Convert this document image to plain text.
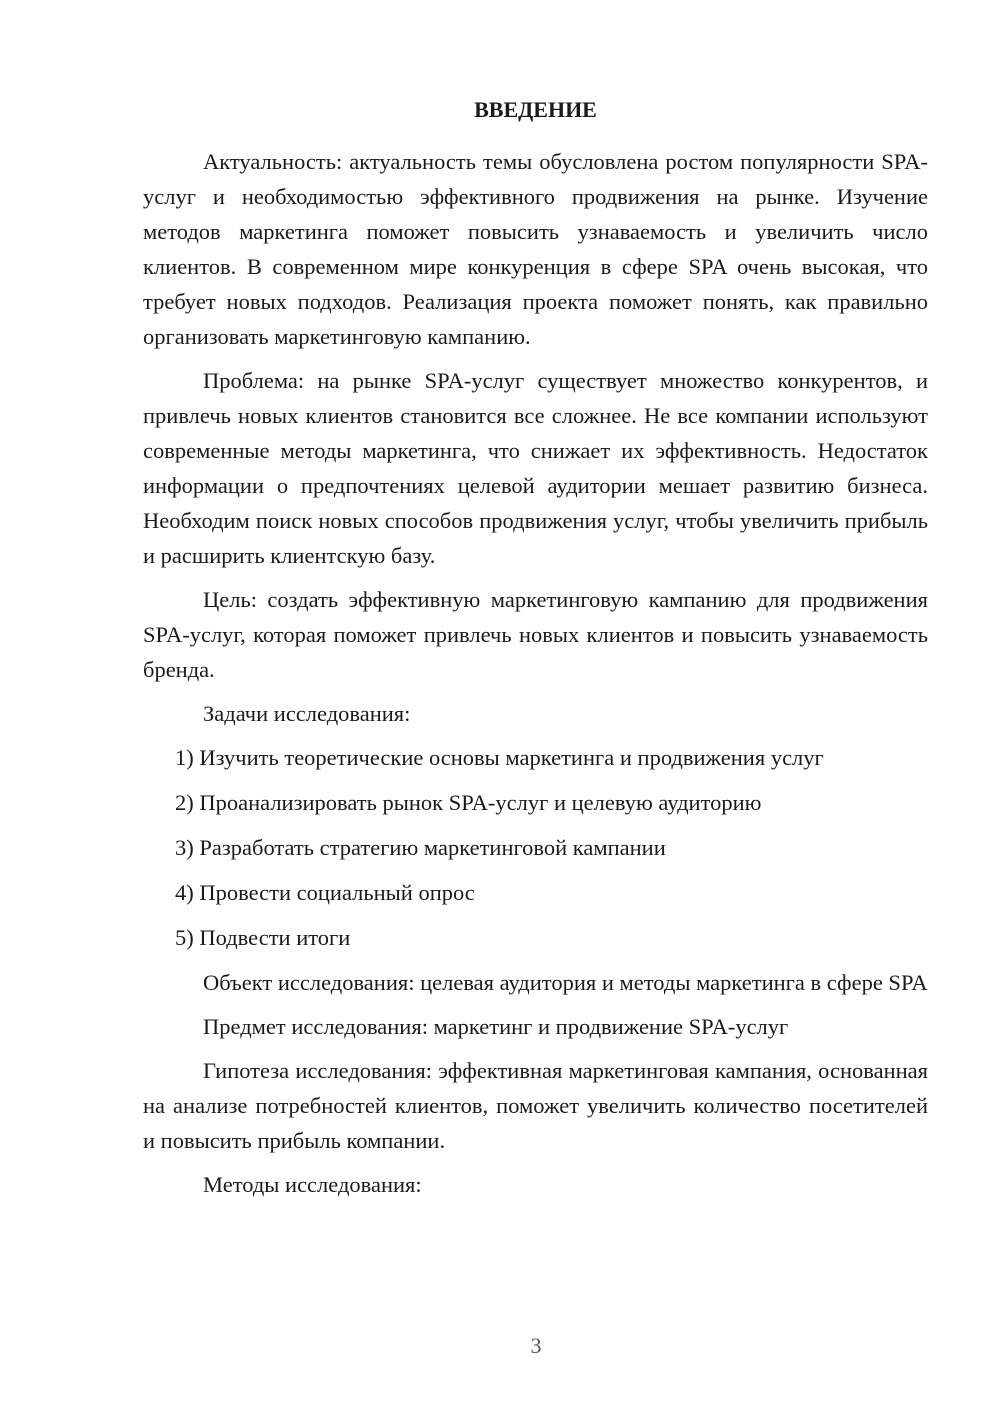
ВВЕДЕНИЕ

Актуальность: актуальность темы обусловлена ростом популярности SPA-услуг и необходимостью эффективного продвижения на рынке. Изучение методов маркетинга поможет повысить узнаваемость и увеличить число клиентов. В современном мире конкуренция в сфере SPA очень высокая, что требует новых подходов. Реализация проекта поможет понять, как правильно организовать маркетинговую кампанию.

Проблема: на рынке SPA-услуг существует множество конкурентов, и привлечь новых клиентов становится все сложнее. Не все компании используют современные методы маркетинга, что снижает их эффективность. Недостаток информации о предпочтениях целевой аудитории мешает развитию бизнеса. Необходим поиск новых способов продвижения услуг, чтобы увеличить прибыль и расширить клиентскую базу.

Цель: создать эффективную маркетинговую кампанию для продвижения SPA-услуг, которая поможет привлечь новых клиентов и повысить узнаваемость бренда.

Задачи исследования:

1) Изучить теоретические основы маркетинга и продвижения услуг
2) Проанализировать рынок SPA-услуг и целевую аудиторию
3) Разработать стратегию маркетинговой кампании
4) Провести социальный опрос
5) Подвести итоги

Объект исследования: целевая аудитория и методы маркетинга в сфере SPA

Предмет исследования: маркетинг и продвижение SPA-услуг

Гипотеза исследования: эффективная маркетинговая кампания, основанная на анализе потребностей клиентов, поможет увеличить количество посетителей и повысить прибыль компании.

Методы исследования:

3
